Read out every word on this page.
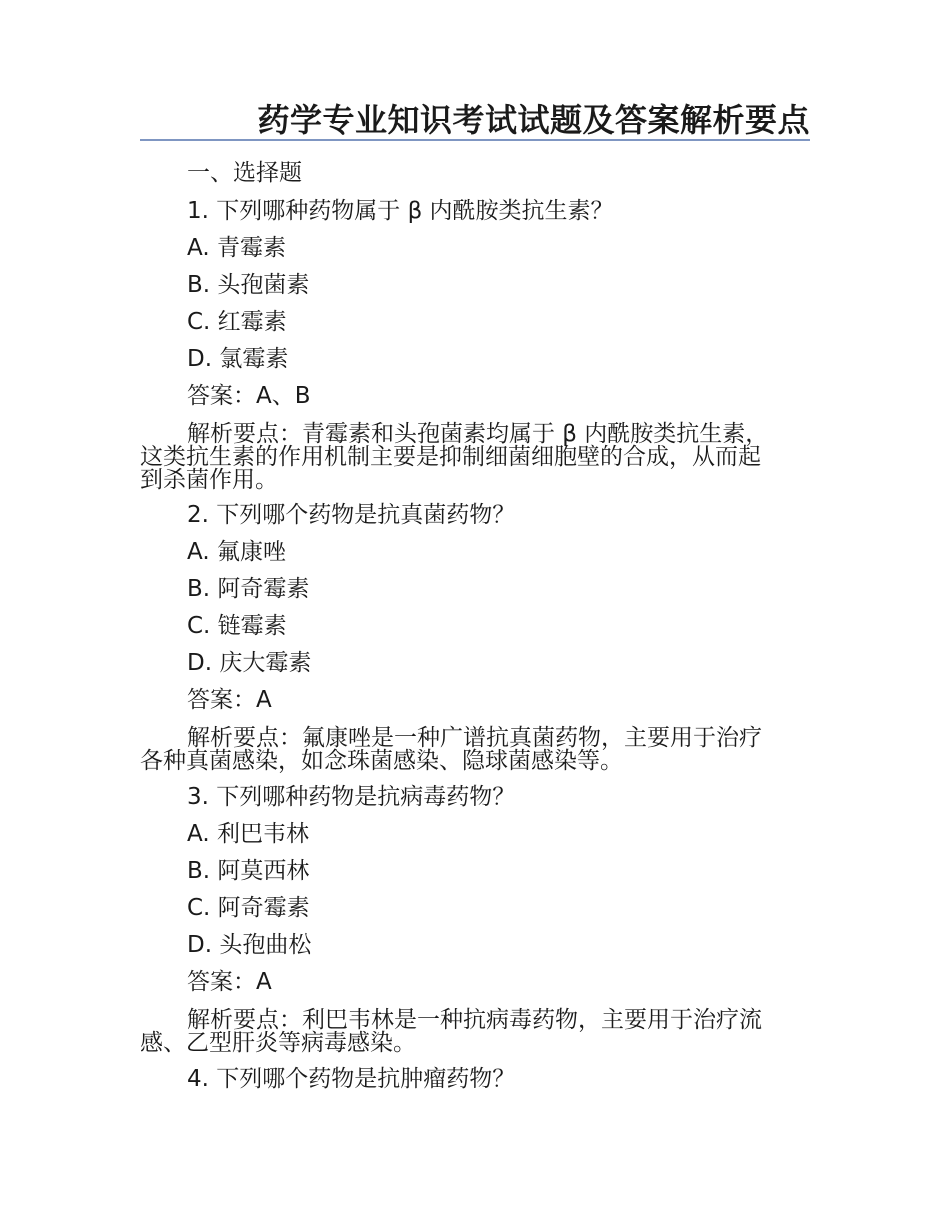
药学专业知识考试试题及答案解析要点
一、选择题
1. 下列哪种药物属于 β 内酰胺类抗生素？
A. 青霉素
B. 头孢菌素
C. 红霉素
D. 氯霉素
答案：A、B
解析要点：青霉素和头孢菌素均属于 β 内酰胺类抗生素，
这类抗生素的作用机制主要是抑制细菌细胞壁的合成，从而起
到杀菌作用。
2. 下列哪个药物是抗真菌药物？
A. 氟康唑
B. 阿奇霉素
C. 链霉素
D. 庆大霉素
答案：A
解析要点：氟康唑是一种广谱抗真菌药物，主要用于治疗
各种真菌感染，如念珠菌感染、隐球菌感染等。
3. 下列哪种药物是抗病毒药物？
A. 利巴韦林
B. 阿莫西林
C. 阿奇霉素
D. 头孢曲松
答案：A
解析要点：利巴韦林是一种抗病毒药物，主要用于治疗流
感、乙型肝炎等病毒感染。
4. 下列哪个药物是抗肿瘤药物？
